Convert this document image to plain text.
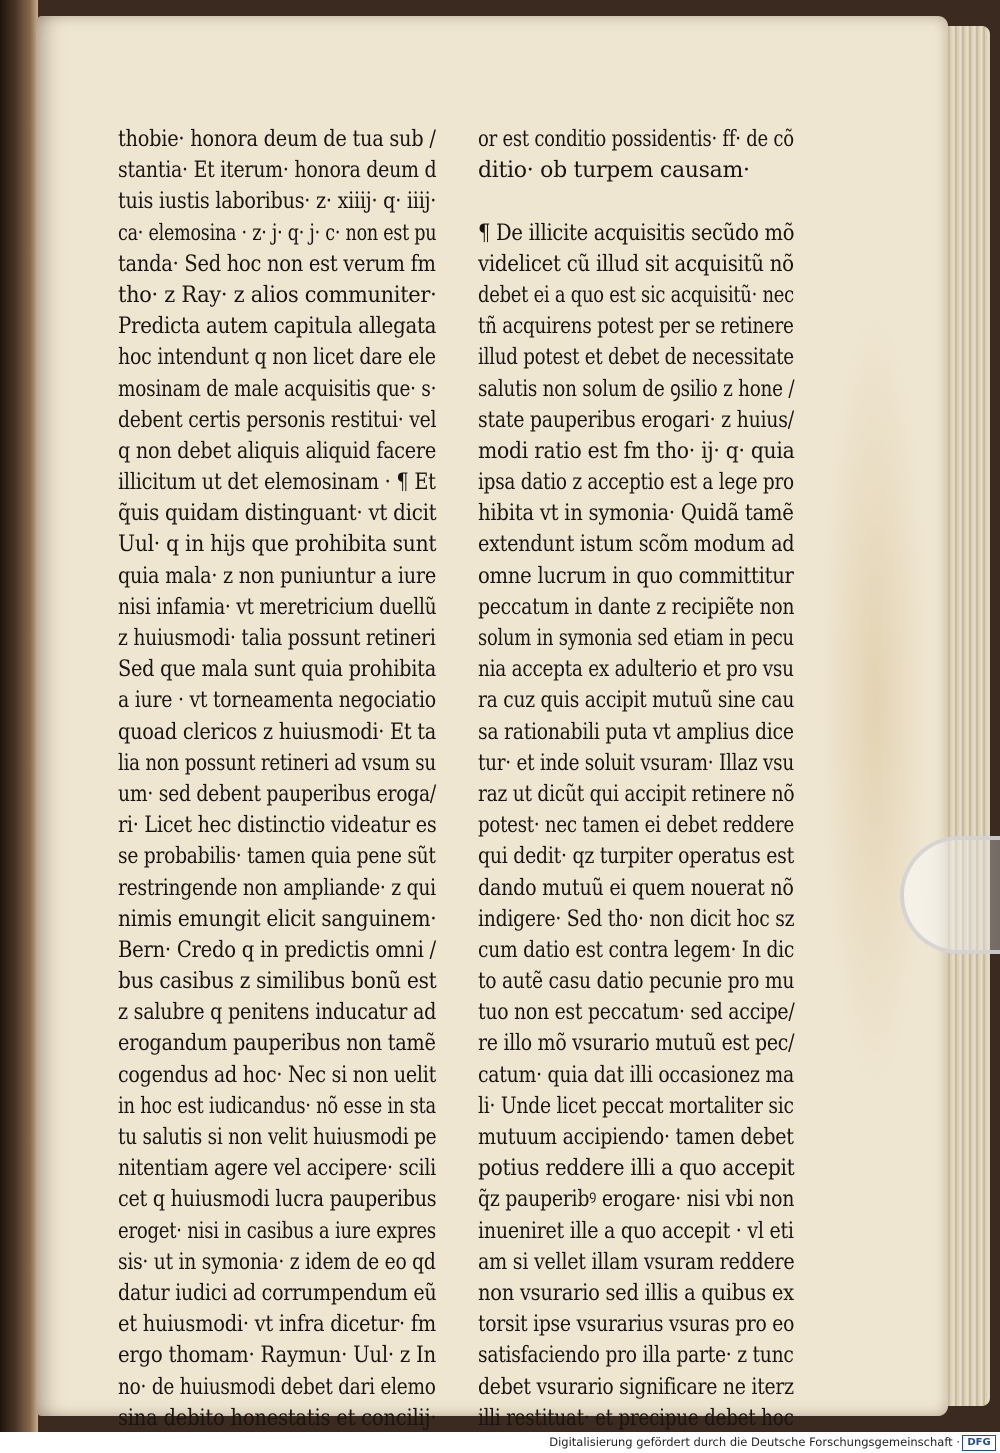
thobie· honora deum de tua sub /
stantia· Et iterum· honora deum d
tuis iustis laboribus· z· xiiij· q· iiij·
ca· elemosina · z· j· q· j· c· non est pu
tanda· Sed hoc non est verum fm
tho· z Ray· z alios communiter·
Predicta autem capitula allegata
hoc intendunt q non licet dare ele
mosinam de male acquisitis que· s·
debent certis personis restitui· vel
q non debet aliquis aliquid facere
illicitum ut det elemosinam · ¶ Et
q̃uis quidam distinguant· vt dicit
Uul· q in hijs que prohibita sunt
quia mala· z non puniuntur a iure
nisi infamia· vt meretricium duellũ
z huiusmodi· talia possunt retineri
Sed que mala sunt quia prohibita
a iure · vt torneamenta negociatio
quoad clericos z huiusmodi· Et ta
lia non possunt retineri ad vsum su
um· sed debent pauperibus eroga/
ri· Licet hec distinctio videatur es
se probabilis· tamen quia pene sũt
restringende non ampliande· z qui
nimis emungit elicit sanguinem·
Bern· Credo q in predictis omni /
bus casibus z similibus bonũ est
z salubre q penitens inducatur ad
erogandum pauperibus non tamẽ
cogendus ad hoc· Nec si non uelit
in hoc est iudicandus· nõ esse in sta
tu salutis si non velit huiusmodi pe
nitentiam agere vel accipere· scili
cet q huiusmodi lucra pauperibus
eroget· nisi in casibus a iure expres
sis· ut in symonia· z idem de eo qd
datur iudici ad corrumpendum eũ
et huiusmodi· vt infra dicetur· fm
ergo thomam· Raymun· Uul· z In
no· de huiusmodi debet dari elemo
sina debito honestatis et concilij·
or est conditio possidentis· ff· de cõ
ditio· ob turpem causam·
¶ De illicite acquisitis secũdo mõ
videlicet cũ illud sit acquisitũ nõ
debet ei a quo est sic acquisitũ· nec
tñ acquirens potest per se retinere
illud potest et debet de necessitate
salutis non solum de ꝯsilio z hone /
state pauperibus erogari· z huius/
modi ratio est fm tho· ij· q· quia
ipsa datio z acceptio est a lege pro
hibita vt in symonia· Quidã tamẽ
extendunt istum scõm modum ad
omne lucrum in quo committitur
peccatum in dante z recipiẽte non
solum in symonia sed etiam in pecu
nia accepta ex adulterio et pro vsu
ra cuz quis accipit mutuũ sine cau
sa rationabili puta vt amplius dice
tur· et inde soluit vsuram· Illaz vsu
raz ut dicũt qui accipit retinere nõ
potest· nec tamen ei debet reddere
qui dedit· qz turpiter operatus est
dando mutuũ ei quem nouerat nõ
indigere· Sed tho· non dicit hoc sz
cum datio est contra legem· In dic
to autẽ casu datio pecunie pro mu
tuo non est peccatum· sed accipe/
re illo mõ vsurario mutuũ est pec/
catum· quia dat illi occasionez ma
li· Unde licet peccat mortaliter sic
mutuum accipiendo· tamen debet
potius reddere illi a quo accepit
q̃z pauperibꝰ erogare· nisi vbi non
inueniret ille a quo accepit · vl eti
am si vellet illam vsuram reddere
non vsurario sed illis a quibus ex
torsit ipse vsurarius vsuras pro eo
satisfaciendo pro illa parte· z tunc
debet vsurario significare ne iterz
illi restituat· et precipue debet hoc
Digitalisierung gefördert durch die Deutsche Forschungsgemeinschaft · DFG
